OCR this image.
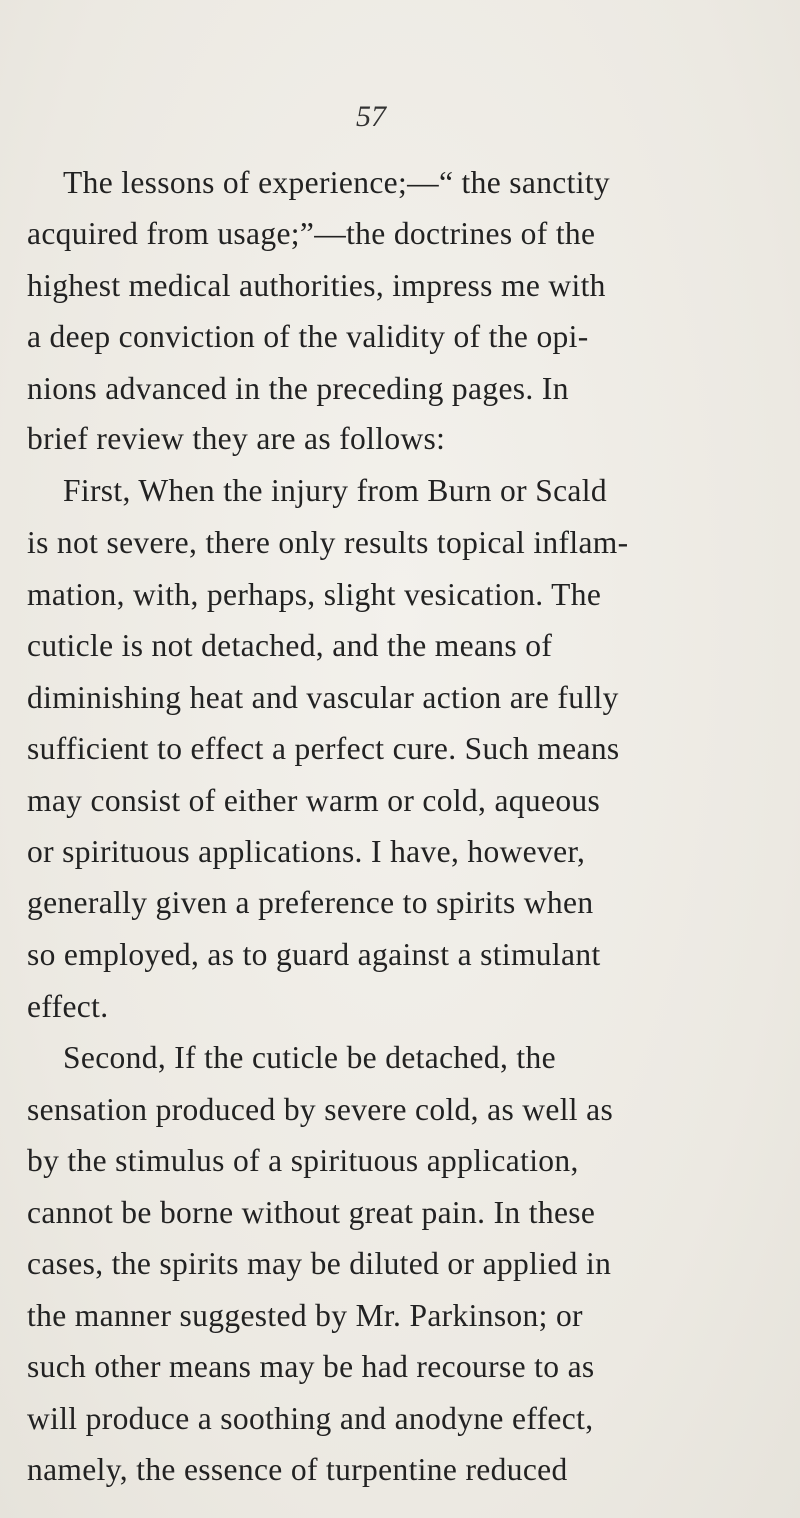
57
The lessons of experience;—“ the sanctity
acquired from usage;”—the doctrines of the
highest medical authorities, impress me with
a deep conviction of the validity of the opi-
nions advanced in the preceding pages. In
brief review they are as follows:
First, When the injury from Burn or Scald
is not severe, there only results topical inflam-
mation, with, perhaps, slight vesication. The
cuticle is not detached, and the means of
diminishing heat and vascular action are fully
sufficient to effect a perfect cure. Such means
may consist of either warm or cold, aqueous
or spirituous applications. I have, however,
generally given a preference to spirits when
so employed, as to guard against a stimulant
effect.
Second, If the cuticle be detached, the
sensation produced by severe cold, as well as
by the stimulus of a spirituous application,
cannot be borne without great pain. In these
cases, the spirits may be diluted or applied in
the manner suggested by Mr. Parkinson; or
such other means may be had recourse to as
will produce a soothing and anodyne effect,
namely, the essence of turpentine reduced
